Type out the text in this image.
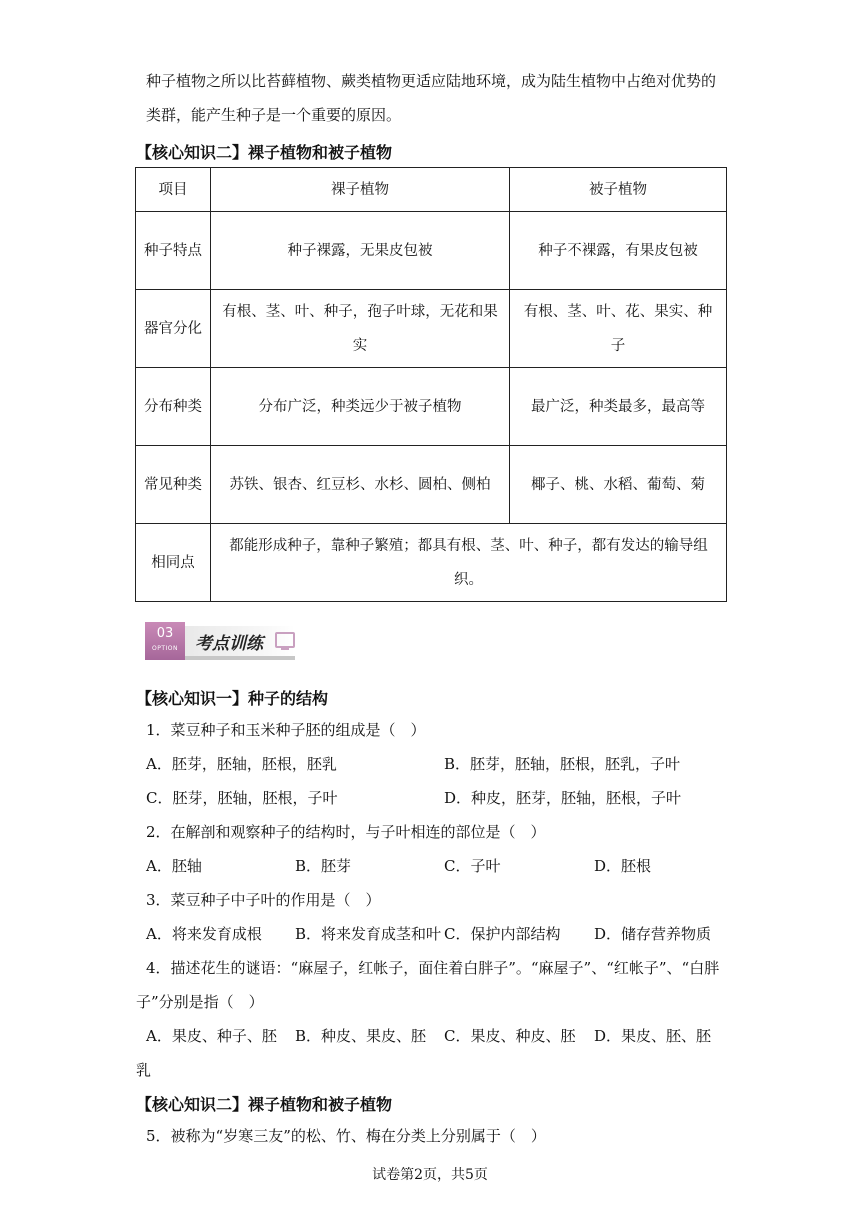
种子植物之所以比苔藓植物、蕨类植物更适应陆地环境，成为陆生植物中占绝对优势的
类群，能产生种子是一个重要的原因。
【核心知识二】裸子植物和被子植物
项目	裸子植物	被子植物
种子特点	种子裸露，无果皮包被	种子不裸露，有果皮包被
器官分化	有根、茎、叶、种子，孢子叶球，无花和果实	有根、茎、叶、花、果实、种子
分布种类	分布广泛，种类远少于被子植物	最广泛，种类最多，最高等
常见种类	苏铁、银杏、红豆杉、水杉、圆柏、侧柏	椰子、桃、水稻、葡萄、菊
相同点	都能形成种子，靠种子繁殖；都具有根、茎、叶、种子，都有发达的输导组织。	
03
OPTION	考点训练
【核心知识一】种子的结构
1．菜豆种子和玉米种子胚的组成是（　）
A．胚芽，胚轴，胚根，胚乳	B．胚芽，胚轴，胚根，胚乳，子叶
C．胚芽，胚轴，胚根，子叶	D．种皮，胚芽，胚轴，胚根，子叶
2．在解剖和观察种子的结构时，与子叶相连的部位是（　）
A．胚轴	B．胚芽	C．子叶	D．胚根
3．菜豆种子中子叶的作用是（　）
A．将来发育成根 B．将来发育成茎和叶 C．保护内部结构 D．储存营养物质
4．描述花生的谜语：“麻屋子，红帐子，面住着白胖子”。“麻屋子”、“红帐子”、“白胖
子”分别是指（　）
A．果皮、种子、胚 B．种皮、果皮、胚 C．果皮、种皮、胚 D．果皮、胚、胚
乳
【核心知识二】裸子植物和被子植物
5．被称为“岁寒三友”的松、竹、梅在分类上分别属于（　）
试卷第2页，共5页
